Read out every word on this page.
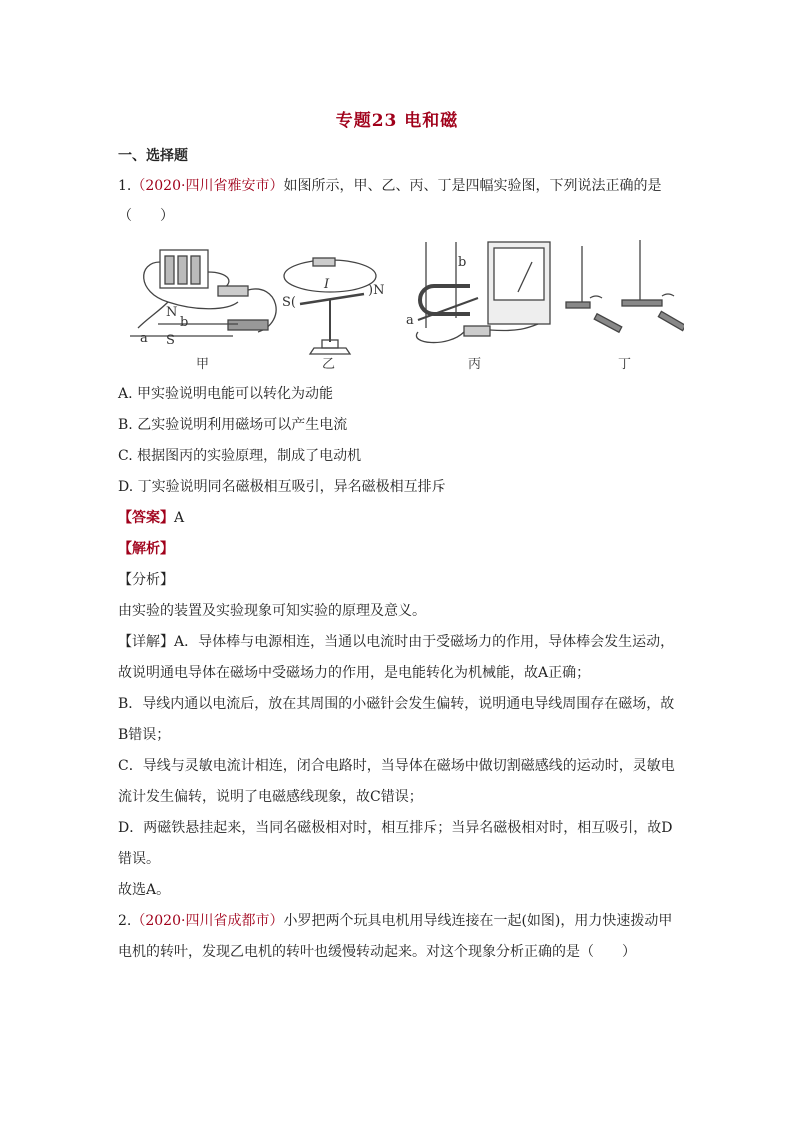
专题23 电和磁
一、选择题
1.（2020·四川省雅安市）如图所示，甲、乙、丙、丁是四幅实验图，下列说法正确的是
（　　）
N
b
a S
I
S(
)N
b
a
甲	乙	丙	丁
A. 甲实验说明电能可以转化为动能
B. 乙实验说明利用磁场可以产生电流
C. 根据图丙的实验原理，制成了电动机
D. 丁实验说明同名磁极相互吸引，异名磁极相互排斥
【答案】A
【解析】
【分析】
由实验的装置及实验现象可知实验的原理及意义。
【详解】A．导体棒与电源相连，当通以电流时由于受磁场力的作用，导体棒会发生运动，
故说明通电导体在磁场中受磁场力的作用，是电能转化为机械能，故A正确；
B．导线内通以电流后，放在其周围的小磁针会发生偏转，说明通电导线周围存在磁场，故
B错误；
C．导线与灵敏电流计相连，闭合电路时，当导体在磁场中做切割磁感线的运动时，灵敏电
流计发生偏转，说明了电磁感线现象，故C错误；
D．两磁铁悬挂起来，当同名磁极相对时，相互排斥；当异名磁极相对时，相互吸引，故D
错误。
故选A。
2.（2020·四川省成都市）小罗把两个玩具电机用导线连接在一起(如图)，用力快速拨动甲
电机的转叶，发现乙电机的转叶也缓慢转动起来。对这个现象分析正确的是（　　）
